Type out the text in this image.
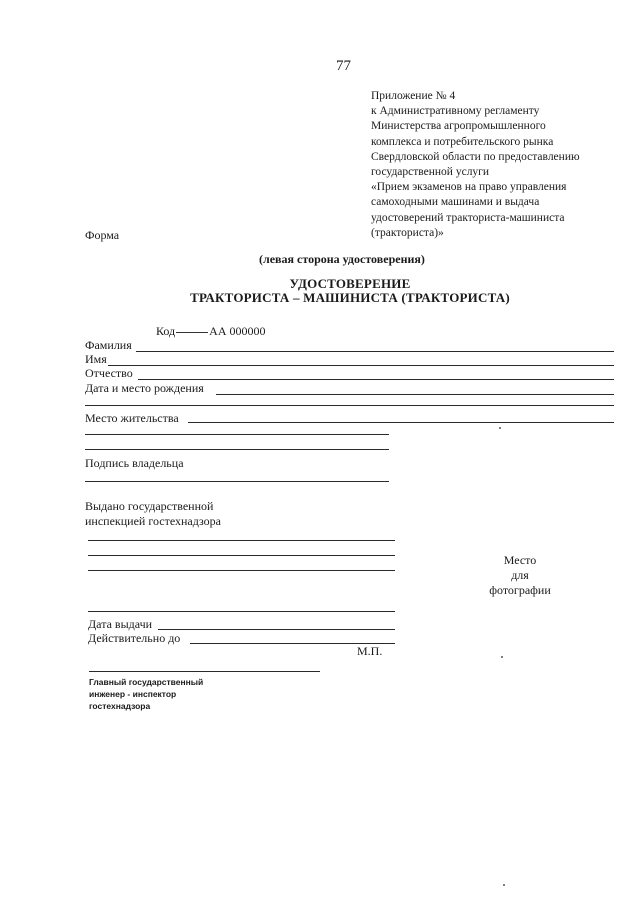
77
Приложение № 4
к Административному регламенту
Министерства агропромышленного
комплекса и потребительского рынка
Свердловской области по предоставлению
государственной услуги
«Прием экзаменов на право управления
самоходными машинами и выдача
удостоверений тракториста-машиниста
(тракториста)»
Форма
(левая сторона удостоверения)
УДОСТОВЕРЕНИЕ
ТРАКТОРИСТА – МАШИНИСТА (ТРАКТОРИСТА)
Код	АА 000000
Фамилия
Имя
Отчество
Дата и место рождения
Место жительства
Подпись владельца
Выдано государственной
инспекцией гостехнадзора
Место
для
фотографии
Дата выдачи
Действительно до
М.П.
Главный государственный
инженер - инспектор
гостехнадзора
